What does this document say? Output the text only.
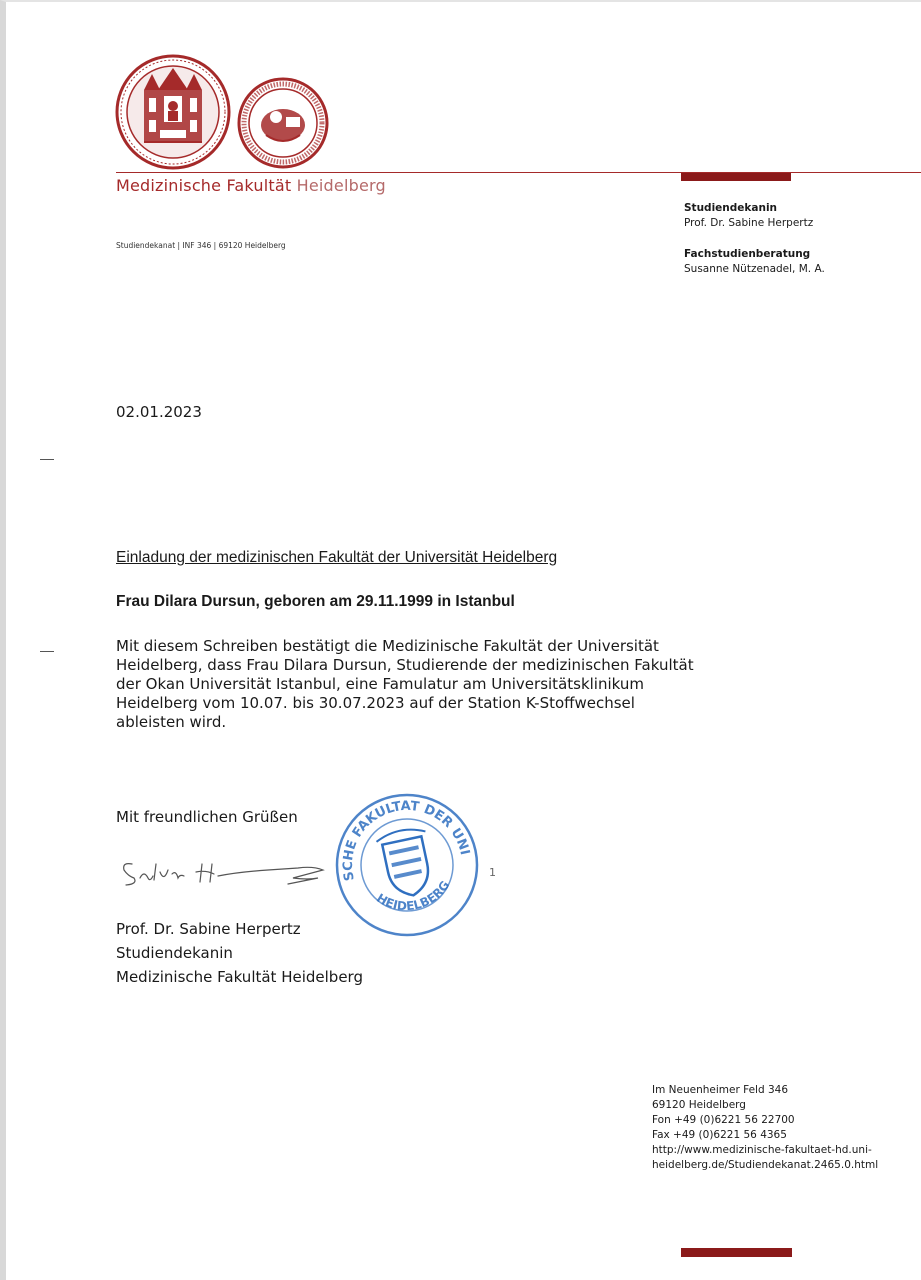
Medizinische Fakultät Heidelberg
Studiendekanat | INF 346 | 69120 Heidelberg
Studiendekanin
Prof. Dr. Sabine Herpertz
Fachstudienberatung
Susanne Nützenadel, M. A.
02.01.2023
Einladung der medizinischen Fakultät der Universität Heidelberg
Frau Dilara Dursun, geboren am 29.11.1999 in Istanbul
Mit diesem Schreiben bestätigt die Medizinische Fakultät der Universität
Heidelberg, dass Frau Dilara Dursun, Studierende der medizinischen Fakultät
der Okan Universität Istanbul, eine Famulatur am Universitätsklinikum
Heidelberg vom 10.07. bis 30.07.2023 auf der Station K-Stoffwechsel
ableisten wird.
Mit freundlichen Grüßen
MEDIZINISCHE FAKULTAT DER UNIVERSITAT
HEIDELBERG
1
Prof. Dr. Sabine Herpertz
Studiendekanin
Medizinische Fakultät Heidelberg
Im Neuenheimer Feld 346
69120 Heidelberg
Fon +49 (0)6221 56 22700
Fax +49 (0)6221 56 4365
http://www.medizinische-fakultaet-hd.uni-
heidelberg.de/Studiendekanat.2465.0.html
